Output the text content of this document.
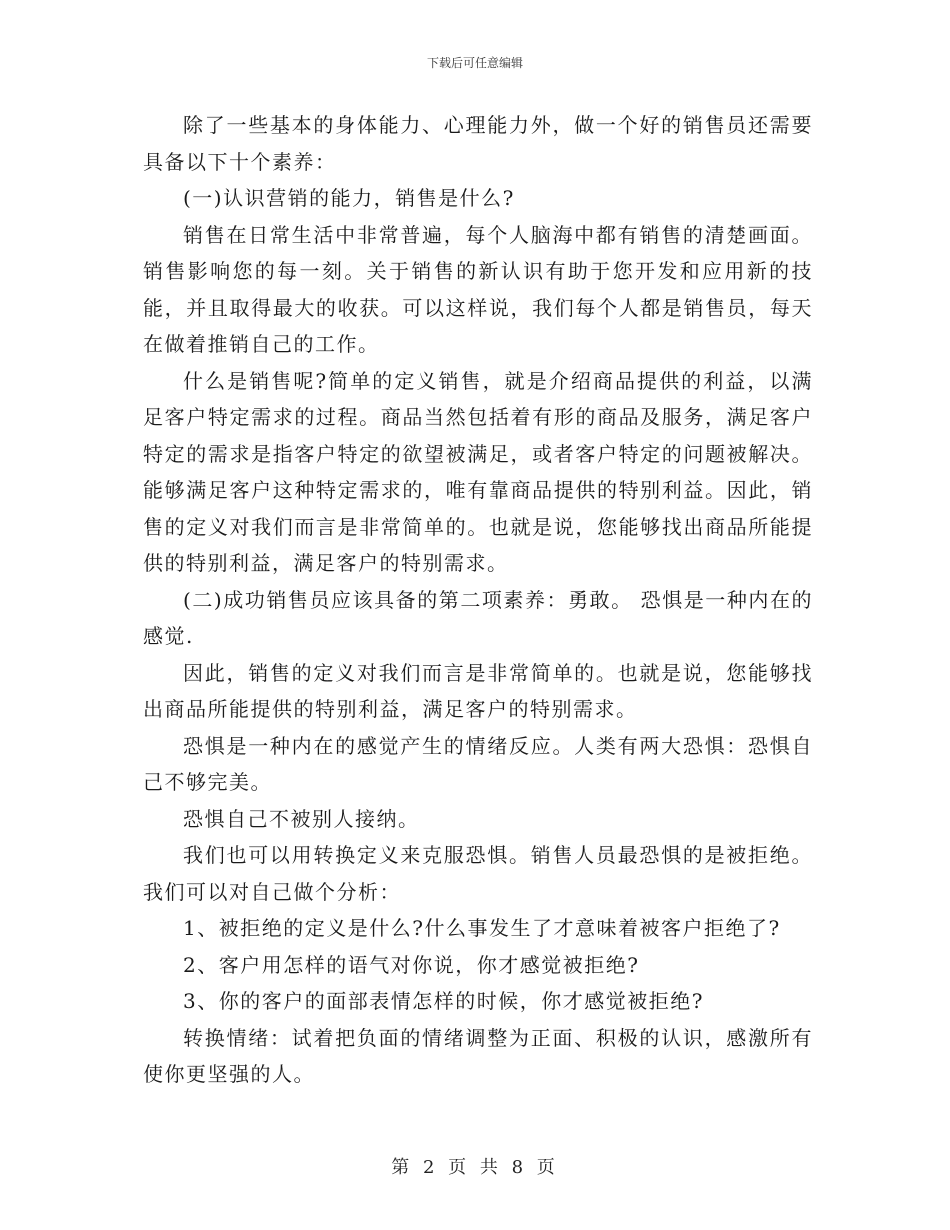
下载后可任意编辑

除了一些基本的身体能力、心理能力外，做一个好的销售员还需要具备以下十个素养：

(一)认识营销的能力，销售是什么?

销售在日常生活中非常普遍，每个人脑海中都有销售的清楚画面。销售影响您的每一刻。关于销售的新认识有助于您开发和应用新的技能，并且取得最大的收获。可以这样说，我们每个人都是销售员，每天在做着推销自己的工作。

什么是销售呢?简单的定义销售，就是介绍商品提供的利益，以满足客户特定需求的过程。商品当然包括着有形的商品及服务，满足客户特定的需求是指客户特定的欲望被满足，或者客户特定的问题被解决。能够满足客户这种特定需求的，唯有靠商品提供的特别利益。因此，销售的定义对我们而言是非常简单的。也就是说，您能够找出商品所能提供的特别利益，满足客户的特别需求。

(二)成功销售员应该具备的第二项素养：勇敢。 恐惧是一种内在的感觉.

因此，销售的定义对我们而言是非常简单的。也就是说，您能够找出商品所能提供的特别利益，满足客户的特别需求。

恐惧是一种内在的感觉产生的情绪反应。人类有两大恐惧：恐惧自己不够完美。

恐惧自己不被别人接纳。

我们也可以用转换定义来克服恐惧。销售人员最恐惧的是被拒绝。我们可以对自己做个分析：

1、被拒绝的定义是什么?什么事发生了才意味着被客户拒绝了?

2、客户用怎样的语气对你说，你才感觉被拒绝?

3、你的客户的面部表情怎样的时候，你才感觉被拒绝?

转换情绪：试着把负面的情绪调整为正面、积极的认识，感激所有使你更坚强的人。

第 2 页 共 8 页
